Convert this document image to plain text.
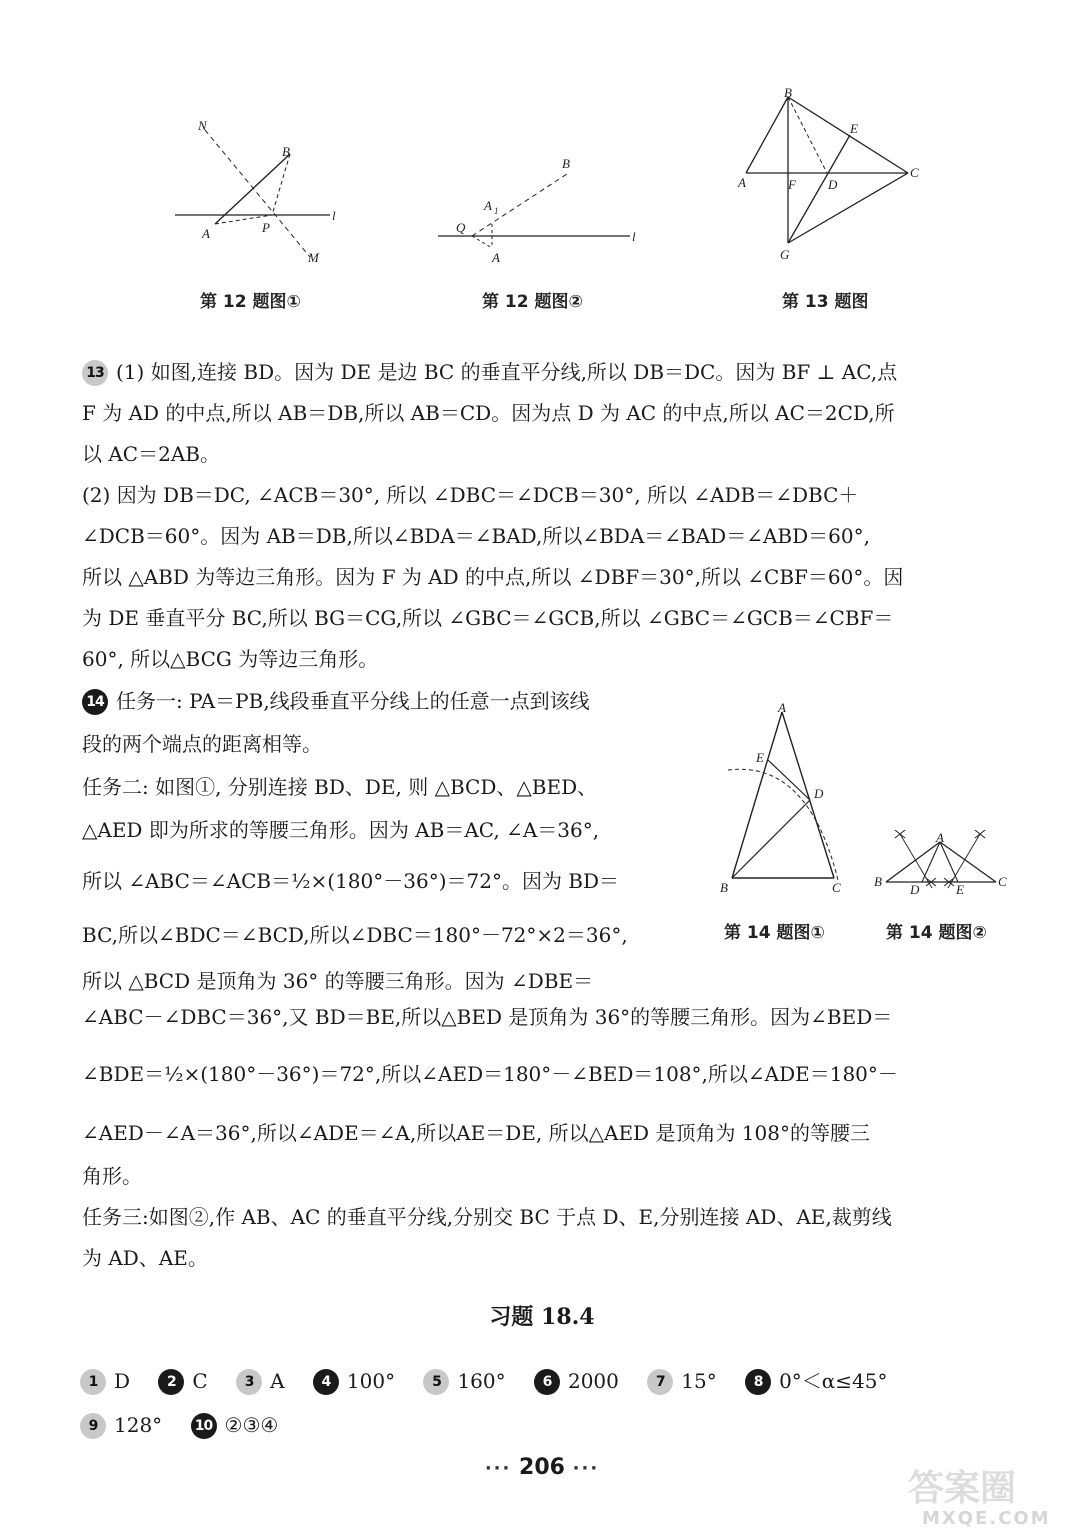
N
B
A	P
M
l
第 12 题图①
B
A 1
Q
A
l
第 12 题图②
B
E
A	F D
C
G
第 13 题图

13 (1) 如图,连接 BD。因为 DE 是边 BC 的垂直平分线,所以 DB＝DC。因为 BF ⊥ AC,点

F 为 AD 的中点,所以 AB＝DB,所以 AB＝CD。因为点 D 为 AC 的中点,所以 AC＝2CD,所

以 AC＝2AB。

(2) 因为 DB＝DC, ∠ACB＝30°, 所以 ∠DBC＝∠DCB＝30°, 所以 ∠ADB＝∠DBC＋

∠DCB＝60°。因为 AB＝DB,所以∠BDA＝∠BAD,所以∠BDA＝∠BAD＝∠ABD＝60°,

所以 △ABD 为等边三角形。因为 F 为 AD 的中点,所以 ∠DBF＝30°,所以 ∠CBF＝60°。因

为 DE 垂直平分 BC,所以 BG＝CG,所以 ∠GBC＝∠GCB,所以 ∠GBC＝∠GCB＝∠CBF＝

60°, 所以△BCG 为等边三角形。

14 任务一: PA＝PB,线段垂直平分线上的任意一点到该线

段的两个端点的距离相等。

任务二: 如图①, 分别连接 BD、DE, 则 △BCD、△BED、

△AED 即为所求的等腰三角形。因为 AB＝AC, ∠A＝36°,

所以 ∠ABC＝∠ACB＝½×(180°－36°)＝72°。因为 BD＝

BC,所以∠BDC＝∠BCD,所以∠DBC＝180°－72°×2＝36°,

所以 △BCD 是顶角为 36° 的等腰三角形。因为 ∠DBE＝

A
E
D
B	C
第 14 题图①
A
B
D	E
C
第 14 题图②

∠ABC－∠DBC＝36°,又 BD＝BE,所以△BED 是顶角为 36°的等腰三角形。因为∠BED＝

∠BDE＝½×(180°－36°)＝72°,所以∠AED＝180°－∠BED＝108°,所以∠ADE＝180°－

∠AED－∠A＝36°,所以∠ADE＝∠A,所以AE＝DE, 所以△AED 是顶角为 108°的等腰三

角形。

任务三:如图②,作 AB、AC 的垂直平分线,分别交 BC 于点 D、E,分别连接 AD、AE,裁剪线

为 AD、AE。

习题 18.4
1 D	2 C	3 A	4 100°	5 160°	6 2000	7 15°	8 0°＜α≤45°
9 128° 10 ②③④
··· 206 ···	答案圈
MXQE.COM
